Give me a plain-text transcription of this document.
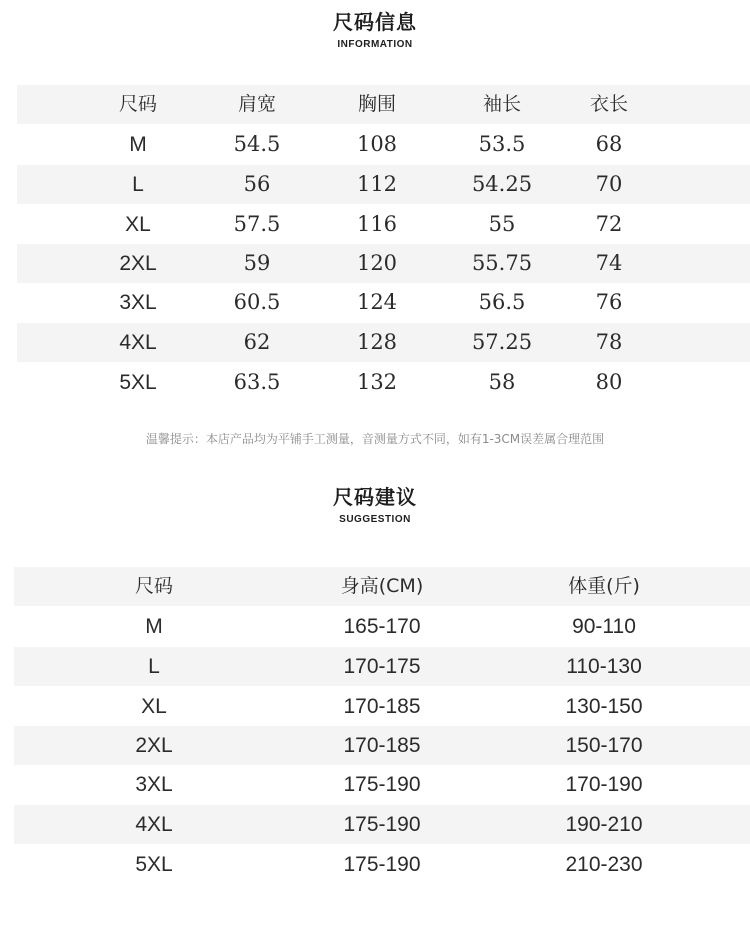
尺码信息
INFORMATION
尺码	肩宽	胸围	袖长	衣长
M	54.5	108	53.5	68
L	56	112	54.25	70
XL	57.5	116	55	72
2XL	59	120	55.75	74
3XL	60.5	124	56.5	76
4XL	62	128	57.25	78
5XL	63.5	132	58	80
温馨提示：本店产品均为平铺手工测量，音测量方式不同，如有1-3CM误差属合理范围
尺码建议
SUGGESTION
尺码	身高(CM)	体重(斤)
M	165-170	90-110
L	170-175	110-130
XL	170-185	130-150
2XL	170-185	150-170
3XL	175-190	170-190
4XL	175-190	190-210
5XL	175-190	210-230
